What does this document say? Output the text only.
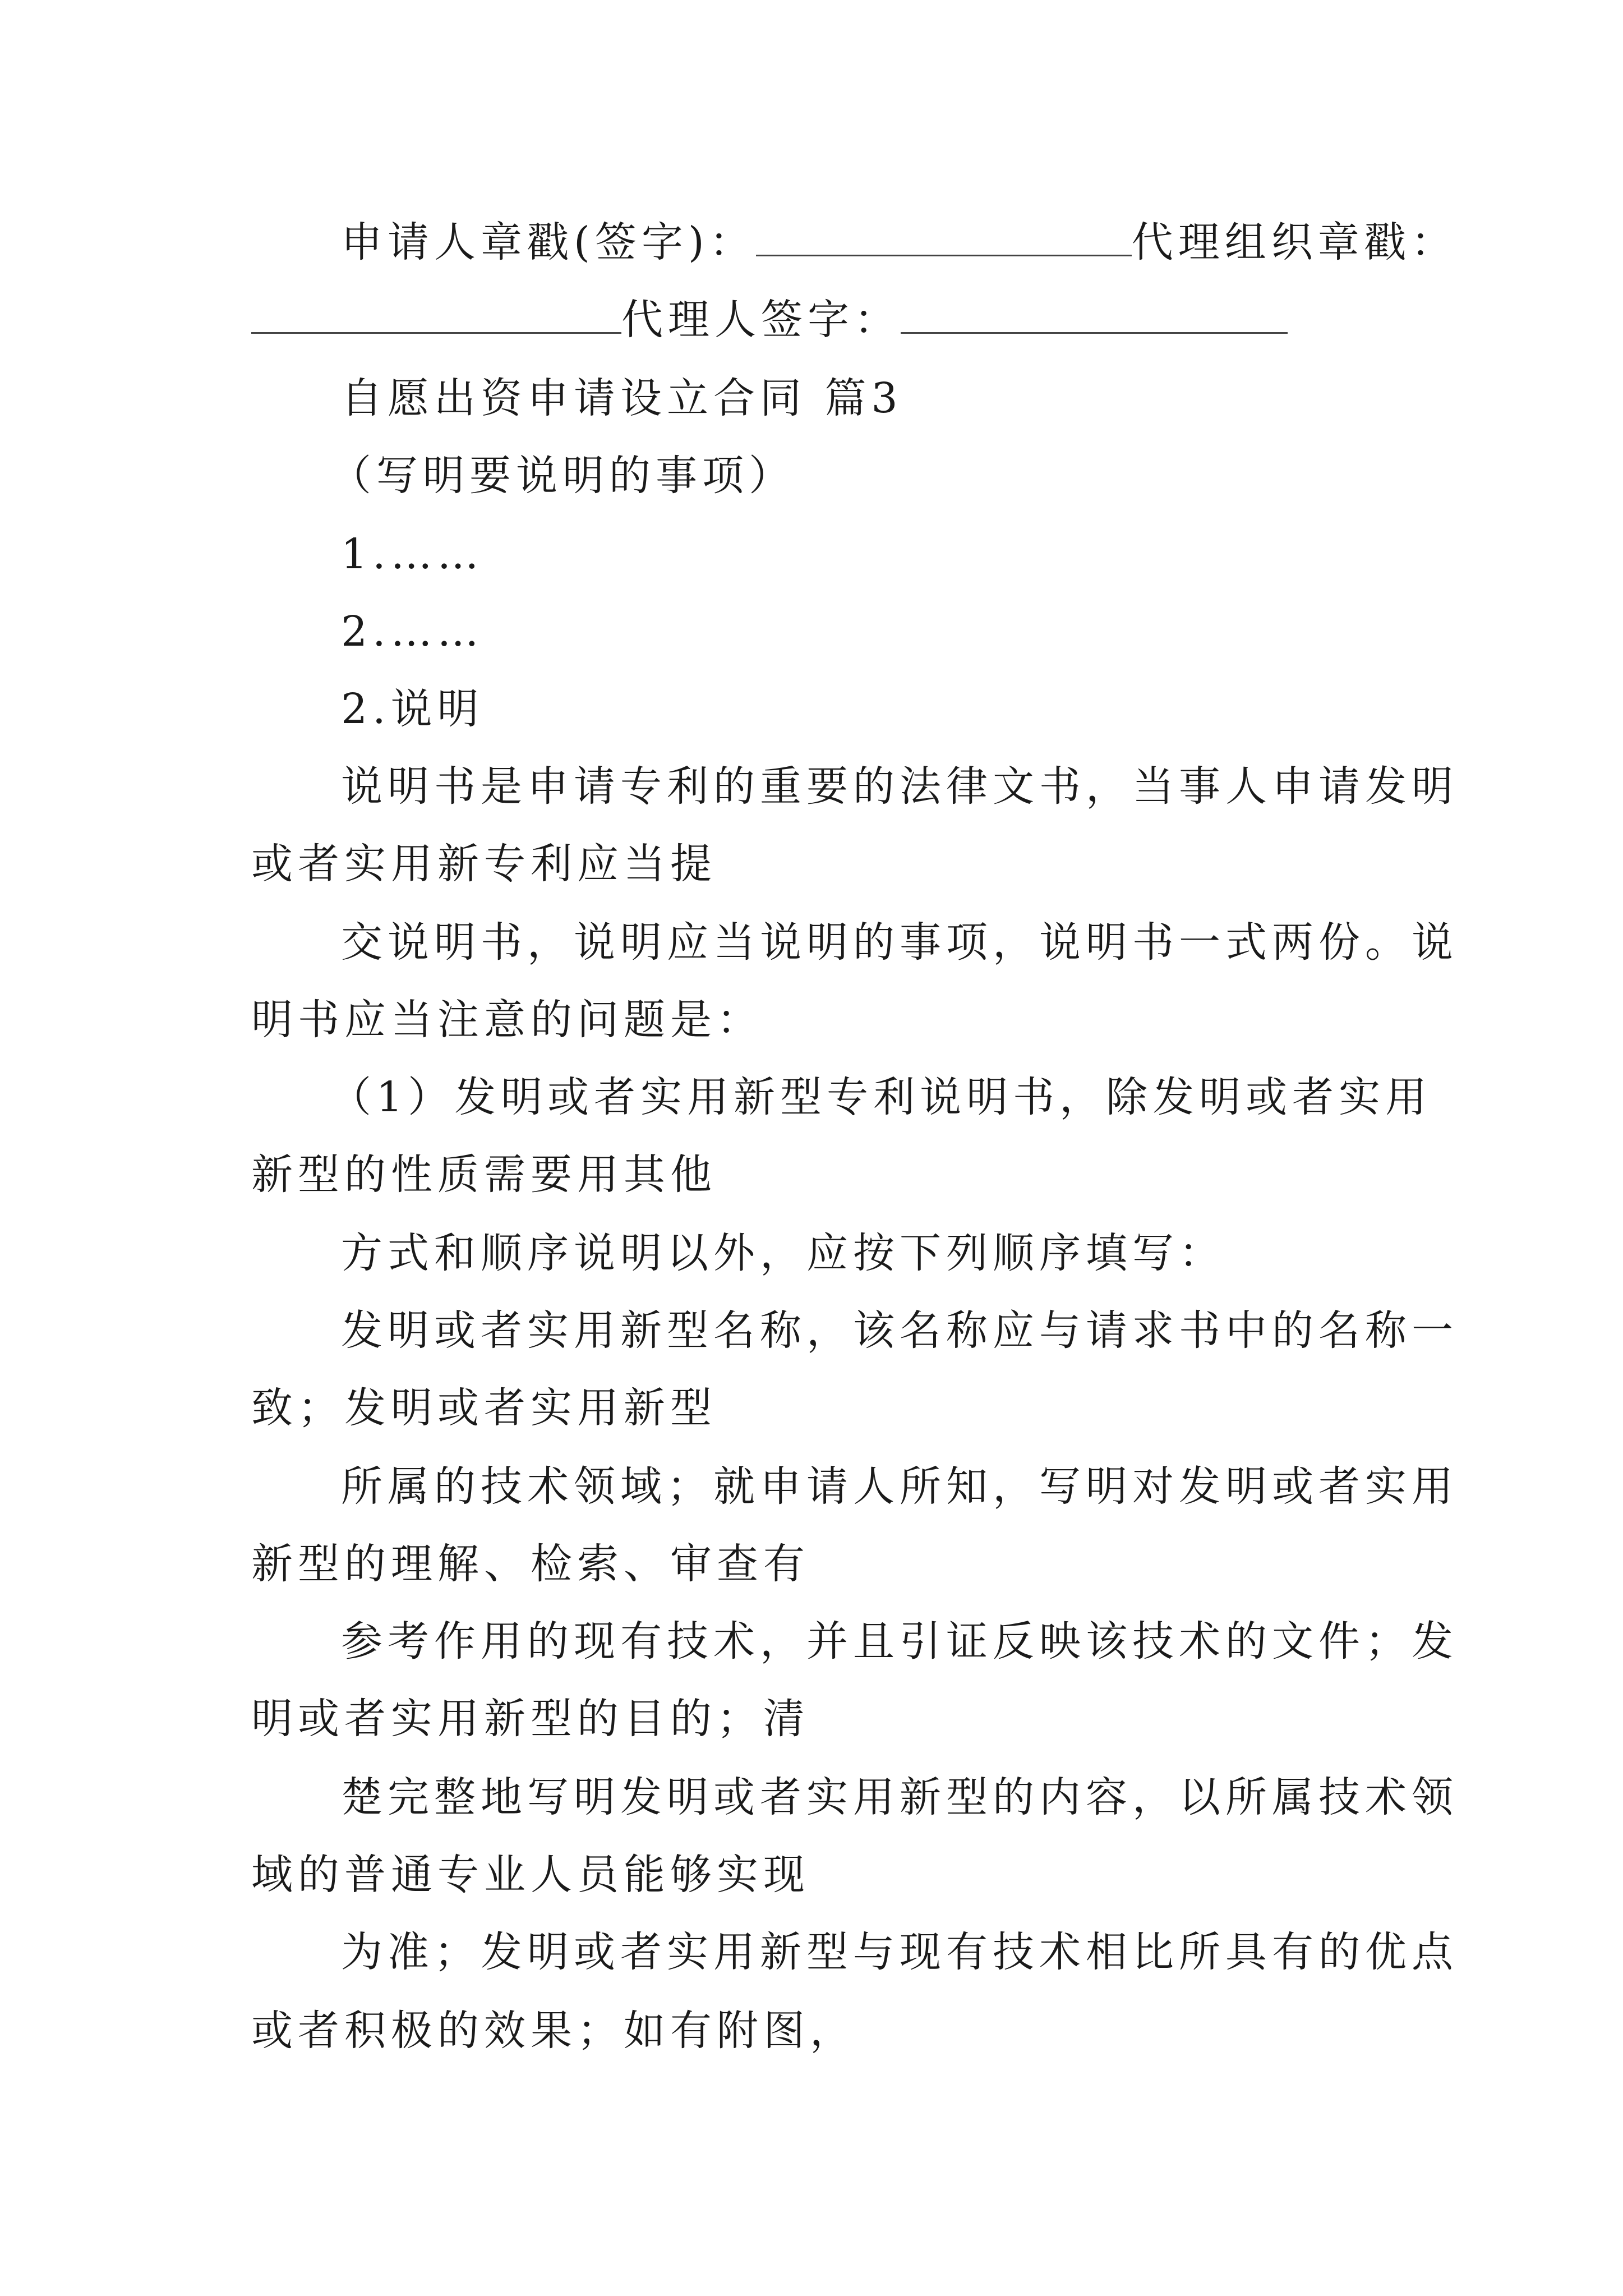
申请人章戳(签字)：	代理组织章戳：
代理人签字：
自愿出资申请设立合同 篇3
（写明要说明的事项）
1.……
2.……
2.说明
说明书是申请专利的重要的法律文书，当事人申请发明
或者实用新专利应当提
交说明书，说明应当说明的事项，说明书一式两份。说
明书应当注意的问题是：
（1）发明或者实用新型专利说明书，除发明或者实用
新型的性质需要用其他
方式和顺序说明以外，应按下列顺序填写：
发明或者实用新型名称，该名称应与请求书中的名称一
致；发明或者实用新型
所属的技术领域；就申请人所知，写明对发明或者实用
新型的理解、检索、审查有
参考作用的现有技术，并且引证反映该技术的文件；发
明或者实用新型的目的；清
楚完整地写明发明或者实用新型的内容，以所属技术领
域的普通专业人员能够实现
为准；发明或者实用新型与现有技术相比所具有的优点
或者积极的效果；如有附图，
